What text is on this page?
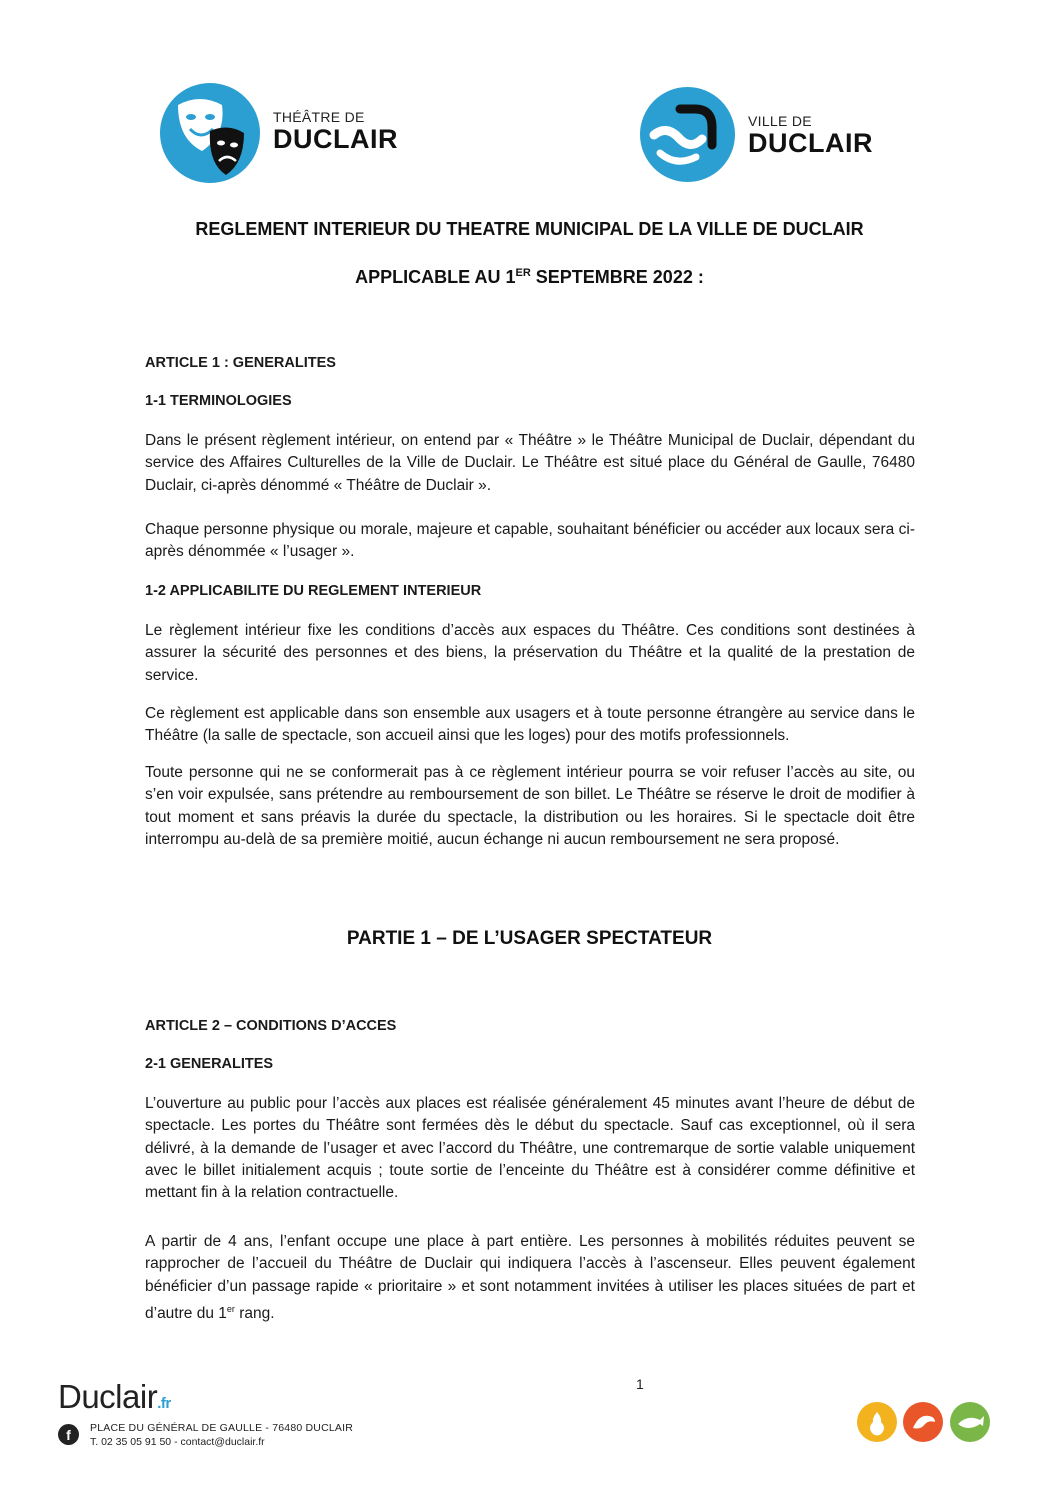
THÉÂTRE DE
DUCLAIR
VILLE DE
DUCLAIR
REGLEMENT INTERIEUR DU THEATRE MUNICIPAL DE LA VILLE DE DUCLAIR
APPLICABLE AU 1ER SEPTEMBRE 2022 :
ARTICLE 1 : GENERALITES
1-1 TERMINOLOGIES

Dans le présent règlement intérieur, on entend par « Théâtre » le Théâtre Municipal de Duclair, dépendant du service des Affaires Culturelles de la Ville de Duclair. Le Théâtre est situé place du Général de Gaulle, 76480 Duclair, ci-après dénommé « Théâtre de Duclair ».

Chaque personne physique ou morale, majeure et capable, souhaitant bénéficier ou accéder aux locaux sera ci-après dénommée « l’usager ».

1-2 APPLICABILITE DU REGLEMENT INTERIEUR

Le règlement intérieur fixe les conditions d’accès aux espaces du Théâtre. Ces conditions sont destinées à assurer la sécurité des personnes et des biens, la préservation du Théâtre et la qualité de la prestation de service.

Ce règlement est applicable dans son ensemble aux usagers et à toute personne étrangère au service dans le Théâtre (la salle de spectacle, son accueil ainsi que les loges) pour des motifs professionnels.

Toute personne qui ne se conformerait pas à ce règlement intérieur pourra se voir refuser l’accès au site, ou s’en voir expulsée, sans prétendre au remboursement de son billet. Le Théâtre se réserve le droit de modifier à tout moment et sans préavis la durée du spectacle, la distribution ou les horaires. Si le spectacle doit être interrompu au-delà de sa première moitié, aucun échange ni aucun remboursement ne sera proposé.

PARTIE 1 – DE L’USAGER SPECTATEUR
ARTICLE 2 – CONDITIONS D’ACCES
2-1 GENERALITES

L’ouverture au public pour l’accès aux places est réalisée généralement 45 minutes avant l’heure de début de spectacle. Les portes du Théâtre sont fermées dès le début du spectacle. Sauf cas exceptionnel, où il sera délivré, à la demande de l’usager et avec l’accord du Théâtre, une contremarque de sortie valable uniquement avec le billet initialement acquis ; toute sortie de l’enceinte du Théâtre est à considérer comme définitive et mettant fin à la relation contractuelle.

A partir de 4 ans, l’enfant occupe une place à part entière. Les personnes à mobilités réduites peuvent se rapprocher de l’accueil du Théâtre de Duclair qui indiquera l’accès à l’ascenseur. Elles peuvent également bénéficier d’un passage rapide « prioritaire » et sont notamment invitées à utiliser les places situées de part et d’autre du 1er rang.

1
Duclair.fr
f	PLACE DU GÉNÉRAL DE GAULLE - 76480 DUCLAIR
T. 02 35 05 91 50 - contact@duclair.fr
